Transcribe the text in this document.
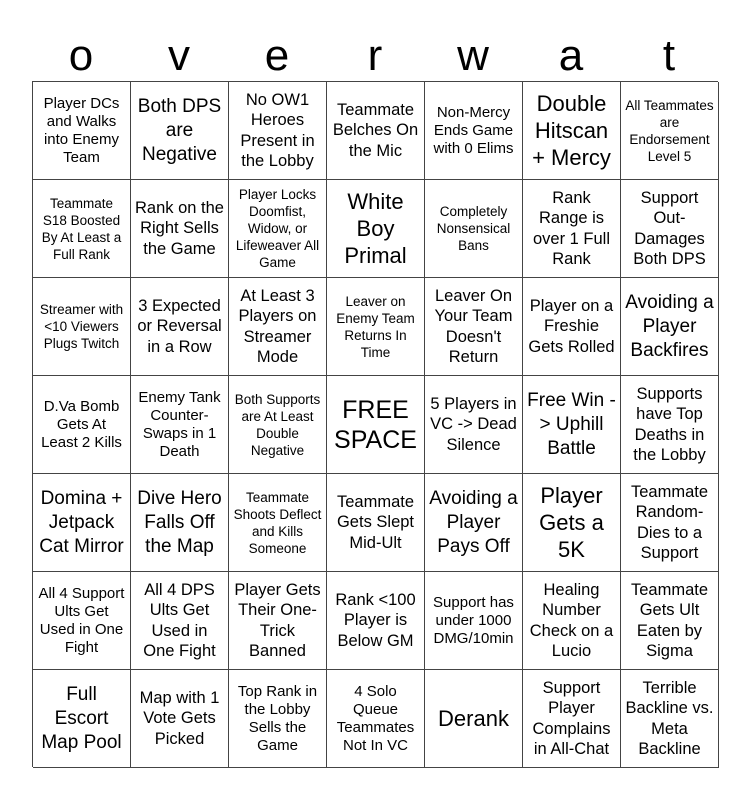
o	v	e	r	w	a	t
Player DCs and Walks into Enemy Team
Both DPS are Negative
No OW1 Heroes Present in the Lobby
Teammate Belches On the Mic
Non-Mercy Ends Game with 0 Elims
Double Hitscan + Mercy
All Teammates are Endorsement Level 5
Teammate S18 Boosted By At Least a Full Rank
Rank on the Right Sells the Game
Player Locks Doomfist, Widow, or Lifeweaver All Game
White Boy Primal
Completely Nonsensical Bans
Rank Range is over 1 Full Rank
Support Out-Damages Both DPS
Streamer with <10 Viewers Plugs Twitch
3 Expected or Reversal in a Row
At Least 3 Players on Streamer Mode
Leaver on Enemy Team Returns In Time
Leaver On Your Team Doesn't Return
Player on a Freshie Gets Rolled
Avoiding a Player Backfires
D.Va Bomb Gets At Least 2 Kills
Enemy Tank Counter-Swaps in 1 Death
Both Supports are At Least Double Negative
FREE SPACE
5 Players in VC -> Dead Silence
Free Win -> Uphill Battle
Supports have Top Deaths in the Lobby
Domina + Jetpack Cat Mirror
Dive Hero Falls Off the Map
Teammate Shoots Deflect and Kills Someone
Teammate Gets Slept Mid-Ult
Avoiding a Player Pays Off
Player Gets a 5K
Teammate Random-Dies to a Support
All 4 Support Ults Get Used in One Fight
All 4 DPS Ults Get Used in One Fight
Player Gets Their One-Trick Banned
Rank <100 Player is Below GM
Support has under 1000 DMG/10min
Healing Number Check on a Lucio
Teammate Gets Ult Eaten by Sigma
Full Escort Map Pool
Map with 1 Vote Gets Picked
Top Rank in the Lobby Sells the Game
4 Solo Queue Teammates Not In VC
Derank
Support Player Complains in All-Chat
Terrible Backline vs. Meta Backline
